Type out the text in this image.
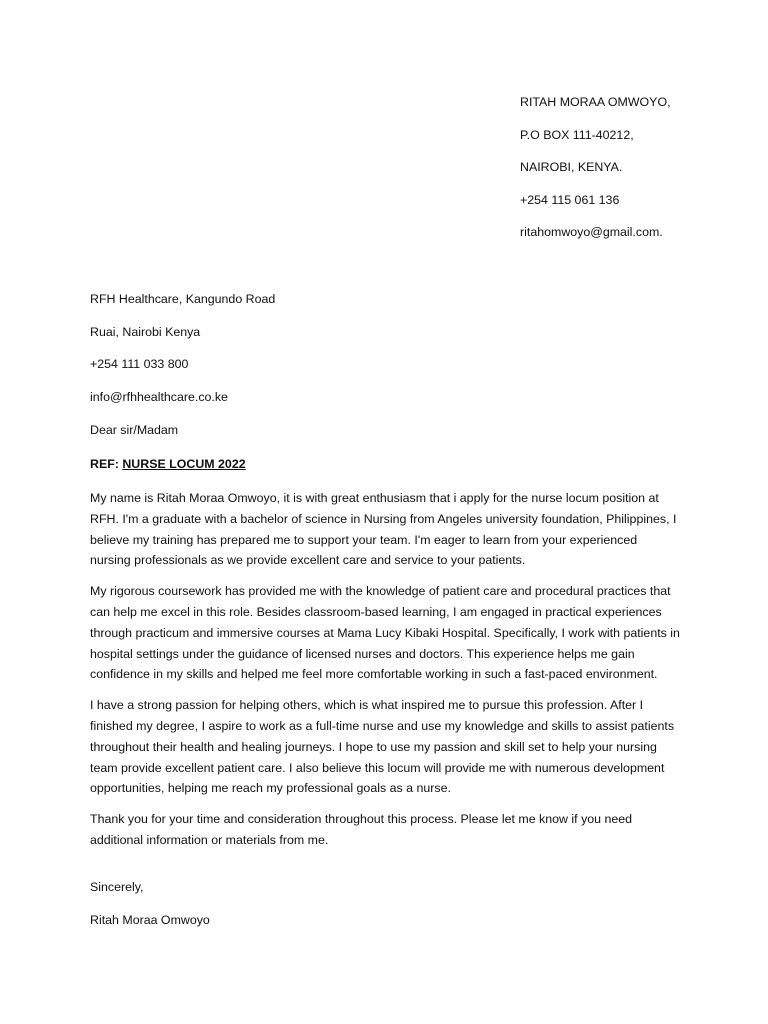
RITAH MORAA OMWOYO,
P.O BOX 111-40212,
NAIROBI, KENYA.
+254 115 061 136
ritahomwoyo@gmail.com.
RFH Healthcare, Kangundo Road
Ruai, Nairobi Kenya
+254 111 033 800
info@rfhhealthcare.co.ke
Dear sir/Madam
REF: NURSE LOCUM 2022

My name is Ritah Moraa Omwoyo, it is with great enthusiasm that i apply for the nurse locum position at RFH. I'm a graduate with a bachelor of science in Nursing from Angeles university foundation, Philippines, I believe my training has prepared me to support your team. I'm eager to learn from your experienced nursing professionals as we provide excellent care and service to your patients.

My rigorous coursework has provided me with the knowledge of patient care and procedural practices that can help me excel in this role. Besides classroom-based learning, I am engaged in practical experiences through practicum and immersive courses at Mama Lucy Kibaki Hospital. Specifically, I work with patients in hospital settings under the guidance of licensed nurses and doctors. This experience helps me gain confidence in my skills and helped me feel more comfortable working in such a fast-paced environment.

I have a strong passion for helping others, which is what inspired me to pursue this profession. After I finished my degree, I aspire to work as a full-time nurse and use my knowledge and skills to assist patients throughout their health and healing journeys. I hope to use my passion and skill set to help your nursing team provide excellent patient care. I also believe this locum will provide me with numerous development opportunities, helping me reach my professional goals as a nurse.

Thank you for your time and consideration throughout this process. Please let me know if you need additional information or materials from me.

Sincerely,
Ritah Moraa Omwoyo
